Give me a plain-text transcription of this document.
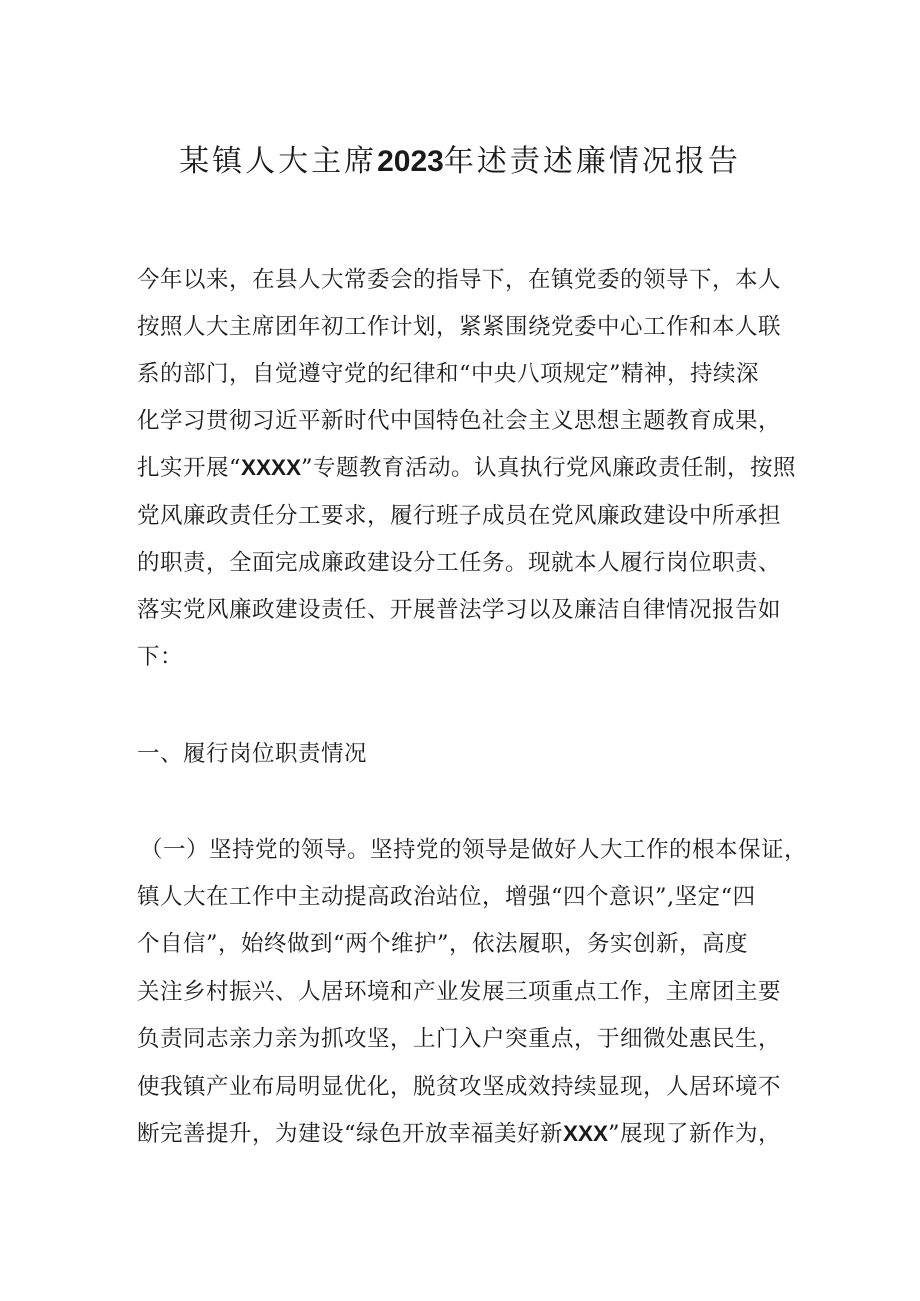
某镇人大主席2023年述责述廉情况报告
今年以来，在县人大常委会的指导下，在镇党委的领导下，本人
按照人大主席团年初工作计划，紧紧围绕党委中心工作和本人联
系的部门，自觉遵守党的纪律和“中央八项规定”精神，持续深
化学习贯彻习近平新时代中国特色社会主义思想主题教育成果，
扎实开展“XXXX”专题教育活动。认真执行党风廉政责任制，按照
党风廉政责任分工要求，履行班子成员在党风廉政建设中所承担
的职责，全面完成廉政建设分工任务。现就本人履行岗位职责、
落实党风廉政建设责任、开展普法学习以及廉洁自律情况报告如
下：
一、履行岗位职责情况
（一）坚持党的领导。坚持党的领导是做好人大工作的根本保证，
镇人大在工作中主动提高政治站位，增强“四个意识”,坚定“四
个自信”，始终做到“两个维护”，依法履职，务实创新，高度
关注乡村振兴、人居环境和产业发展三项重点工作，主席团主要
负责同志亲力亲为抓攻坚，上门入户突重点，于细微处惠民生，
使我镇产业布局明显优化，脱贫攻坚成效持续显现，人居环境不
断完善提升，为建设“绿色开放幸福美好新XXX”展现了新作为，
